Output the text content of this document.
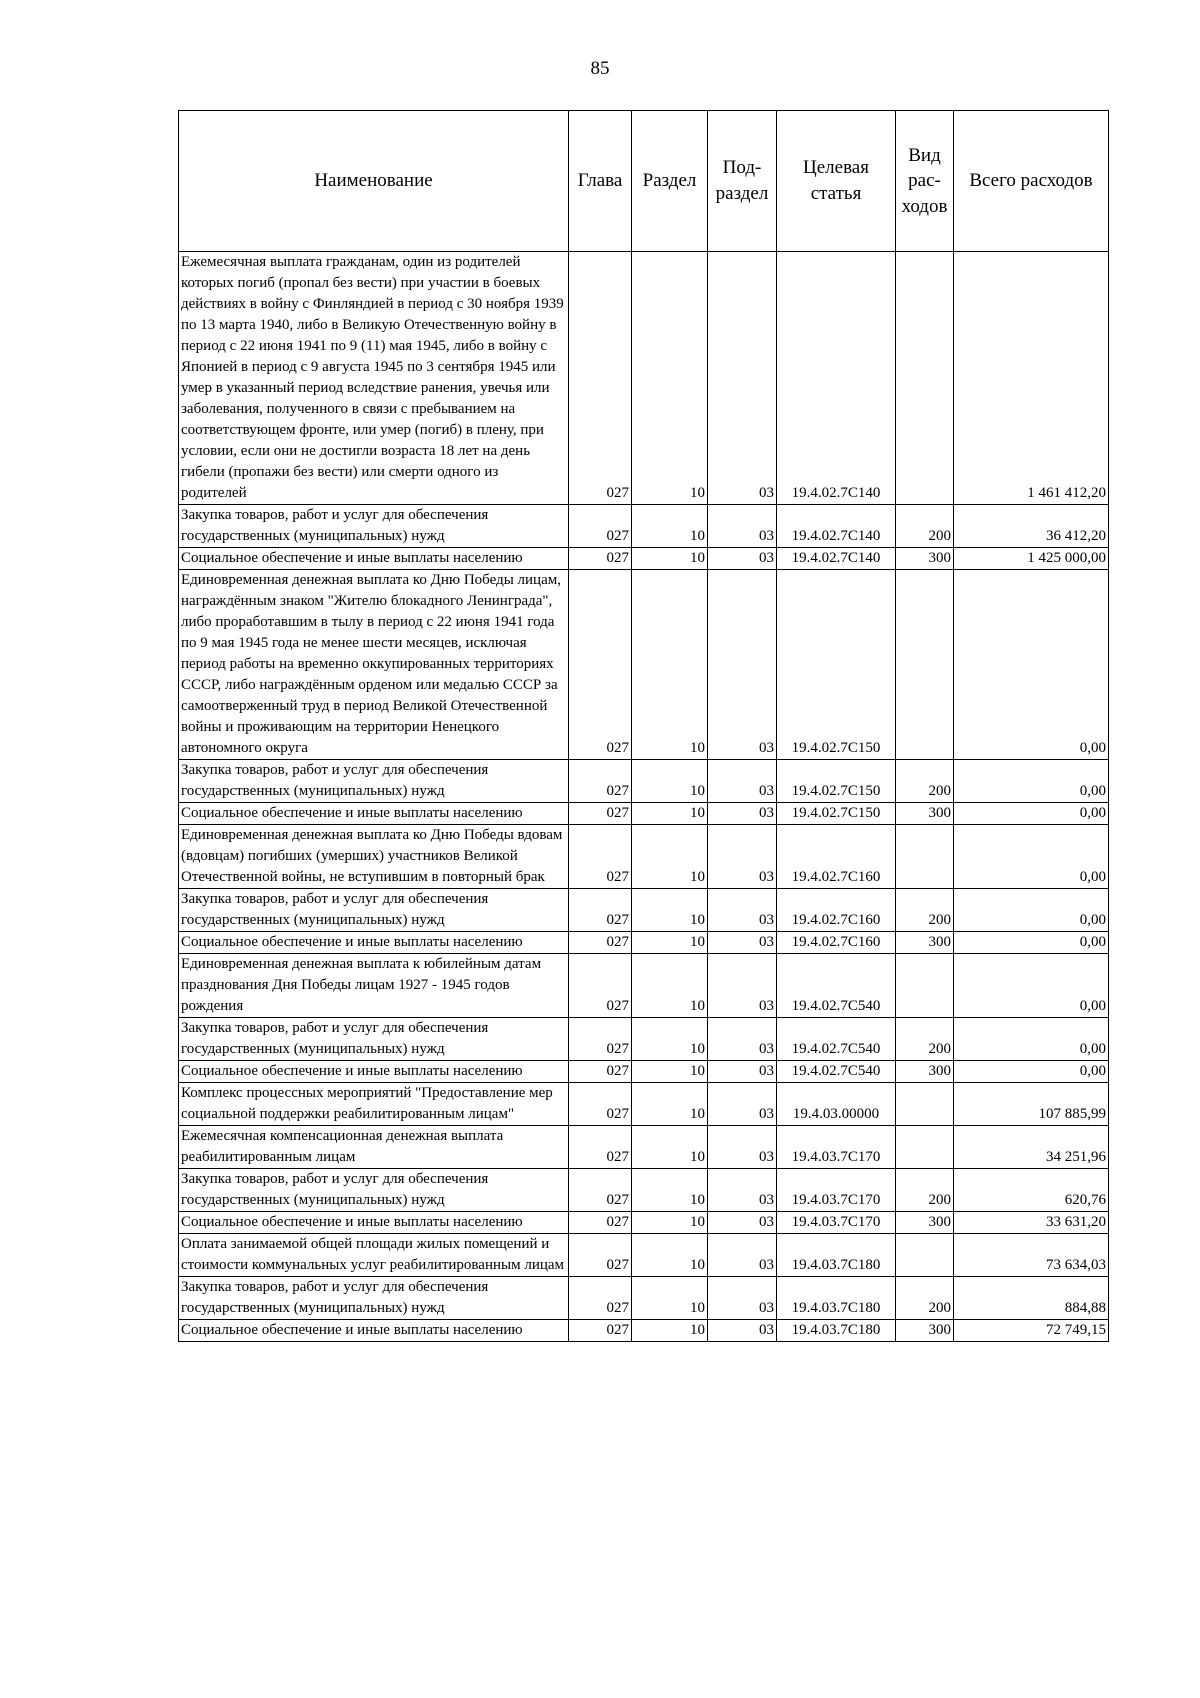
85
Наименование	Глава	Раздел	Под-раздел	Целевая статья	Вид рас-ходов	Всего расходов
Ежемесячная выплата гражданам, один из родителей которых погиб (пропал без вести) при участии в боевых действиях в войну с Финляндией в период с 30 ноября 1939 по 13 марта 1940, либо в Великую Отечественную войну в период с 22 июня 1941 по 9 (11) мая 1945, либо в войну с Японией в период с 9 августа 1945 по 3 сентября 1945 или умер в указанный период вследствие ранения, увечья или заболевания, полученного в связи с пребыванием на соответствующем фронте, или умер (погиб) в плену, при условии, если они не достигли возраста 18 лет на день гибели (пропажи без вести) или смерти одного из родителей	027	10	03	19.4.02.7C140		1 461 412,20
Закупка товаров, работ и услуг для обеспечения государственных (муниципальных) нужд	027	10	03	19.4.02.7C140	200	36 412,20
Социальное обеспечение и иные выплаты населению	027	10	03	19.4.02.7C140	300	1 425 000,00
Единовременная денежная выплата ко Дню Победы лицам, награждённым знаком "Жителю блокадного Ленинграда", либо проработавшим в тылу в период с 22 июня 1941 года по 9 мая 1945 года не менее шести месяцев, исключая период работы на временно оккупированных территориях СССР, либо награждённым орденом или медалью СССР за самоотверженный труд в период Великой Отечественной войны и проживающим на территории Ненецкого автономного округа	027	10	03	19.4.02.7C150		0,00
Закупка товаров, работ и услуг для обеспечения государственных (муниципальных) нужд	027	10	03	19.4.02.7C150	200	0,00
Социальное обеспечение и иные выплаты населению	027	10	03	19.4.02.7C150	300	0,00
Единовременная денежная выплата ко Дню Победы вдовам (вдовцам) погибших (умерших) участников Великой Отечественной войны, не вступившим в повторный брак	027	10	03	19.4.02.7C160		0,00
Закупка товаров, работ и услуг для обеспечения государственных (муниципальных) нужд	027	10	03	19.4.02.7C160	200	0,00
Социальное обеспечение и иные выплаты населению	027	10	03	19.4.02.7C160	300	0,00
Единовременная денежная выплата к юбилейным датам празднования Дня Победы лицам 1927 - 1945 годов рождения	027	10	03	19.4.02.7C540		0,00
Закупка товаров, работ и услуг для обеспечения государственных (муниципальных) нужд	027	10	03	19.4.02.7C540	200	0,00
Социальное обеспечение и иные выплаты населению	027	10	03	19.4.02.7C540	300	0,00
Комплекс процессных мероприятий "Предоставление мер социальной поддержки реабилитированным лицам"	027	10	03	19.4.03.00000		107 885,99
Ежемесячная компенсационная денежная выплата реабилитированным лицам	027	10	03	19.4.03.7C170		34 251,96
Закупка товаров, работ и услуг для обеспечения государственных (муниципальных) нужд	027	10	03	19.4.03.7C170	200	620,76
Социальное обеспечение и иные выплаты населению	027	10	03	19.4.03.7C170	300	33 631,20
Оплата занимаемой общей площади жилых помещений и стоимости коммунальных услуг реабилитированным лицам	027	10	03	19.4.03.7C180		73 634,03
Закупка товаров, работ и услуг для обеспечения государственных (муниципальных) нужд	027	10	03	19.4.03.7C180	200	884,88
Социальное обеспечение и иные выплаты населению	027	10	03	19.4.03.7C180	300	72 749,15
